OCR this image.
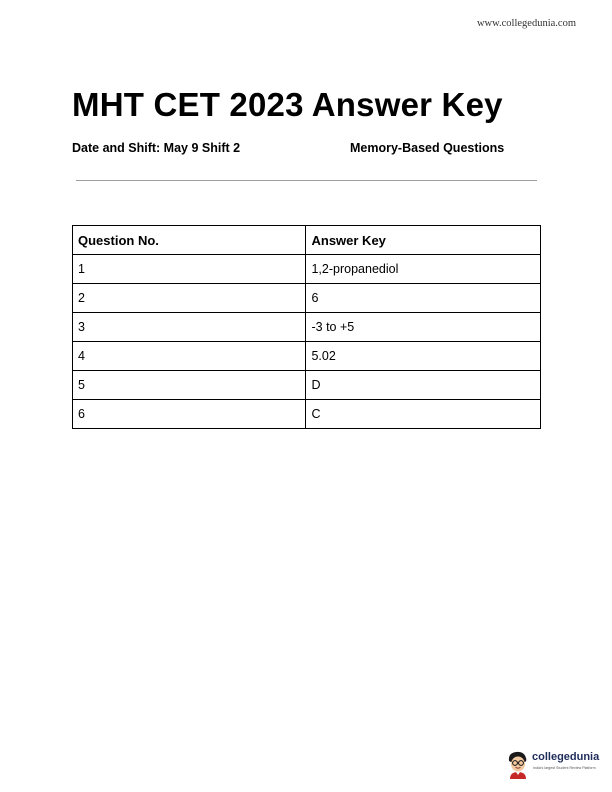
www.collegedunia.com
MHT CET 2023 Answer Key
Date and Shift: May 9 Shift 2	Memory-Based Questions
Question No.	Answer Key
1	1,2-propanediol
2	6
3	-3 to +5
4	5.02
5	D
6	C
collegedunia
India's largest Student Review Platform
